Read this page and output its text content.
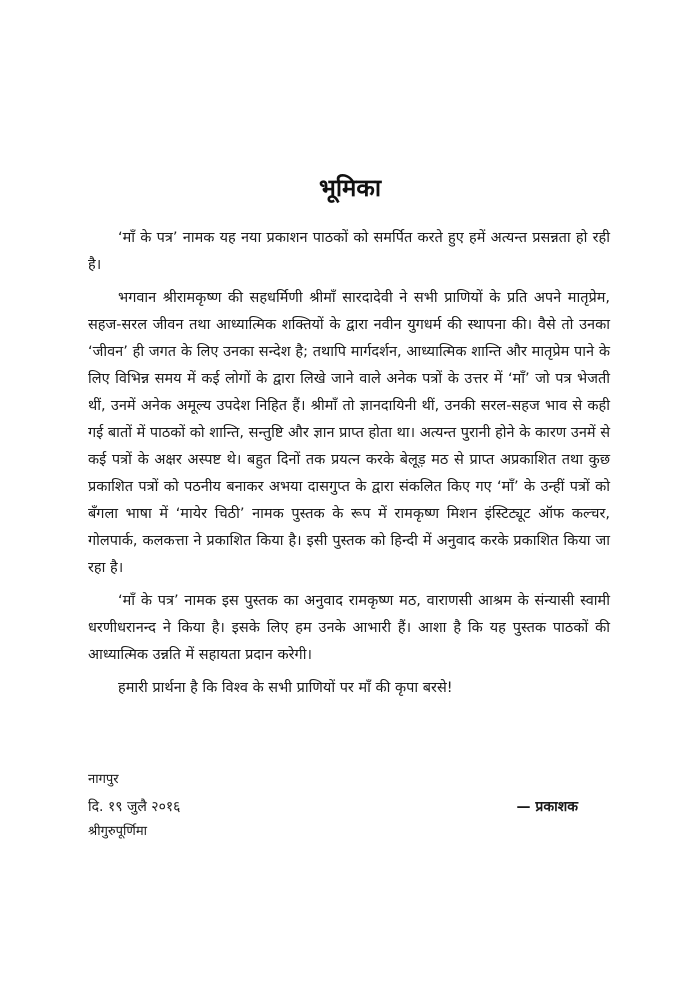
भूमिका

‘माँ के पत्र’ नामक यह नया प्रकाशन पाठकों को समर्पित करते हुए हमें अत्यन्त प्रसन्नता हो रही है।

भगवान श्रीरामकृष्ण की सहधर्मिणी श्रीमाँ सारदादेवी ने सभी प्राणियों के प्रति अपने मातृप्रेम, सहज-सरल जीवन तथा आध्यात्मिक शक्तियों के द्वारा नवीन युगधर्म की स्थापना की। वैसे तो उनका ‘जीवन’ ही जगत के लिए उनका सन्देश है; तथापि मार्गदर्शन, आध्यात्मिक शान्ति और मातृप्रेम पाने के लिए विभिन्न समय में कई लोगों के द्वारा लिखे जाने वाले अनेक पत्रों के उत्तर में ‘माँ’ जो पत्र भेजती थीं, उनमें अनेक अमूल्य उपदेश निहित हैं। श्रीमाँ तो ज्ञानदायिनी थीं, उनकी सरल-सहज भाव से कही गई बातों में पाठकों को शान्ति, सन्तुष्टि और ज्ञान प्राप्त होता था। अत्यन्त पुरानी होने के कारण उनमें से कई पत्रों के अक्षर अस्पष्ट थे। बहुत दिनों तक प्रयत्न करके बेलूड़ मठ से प्राप्त अप्रकाशित तथा कुछ प्रकाशित पत्रों को पठनीय बनाकर अभया दासगुप्त के द्वारा संकलित किए गए ‘माँ’ के उन्हीं पत्रों को बँगला भाषा में ‘मायेर चिठी’ नामक पुस्तक के रूप में रामकृष्ण मिशन इंस्टिट्यूट ऑफ कल्चर, गोलपार्क, कलकत्ता ने प्रकाशित किया है। इसी पुस्तक को हिन्दी में अनुवाद करके प्रकाशित किया जा रहा है।

‘माँ के पत्र’ नामक इस पुस्तक का अनुवाद रामकृष्ण मठ, वाराणसी आश्रम के संन्यासी स्वामी धरणीधरानन्द ने किया है। इसके लिए हम उनके आभारी हैं। आशा है कि यह पुस्तक पाठकों की आध्यात्मिक उन्नति में सहायता प्रदान करेगी।

हमारी प्रार्थना है कि विश्व के सभी प्राणियों पर माँ की कृपा बरसे!

नागपुर
दि. १९ जुलै २०१६
श्रीगुरुपूर्णिमा
— प्रकाशक
